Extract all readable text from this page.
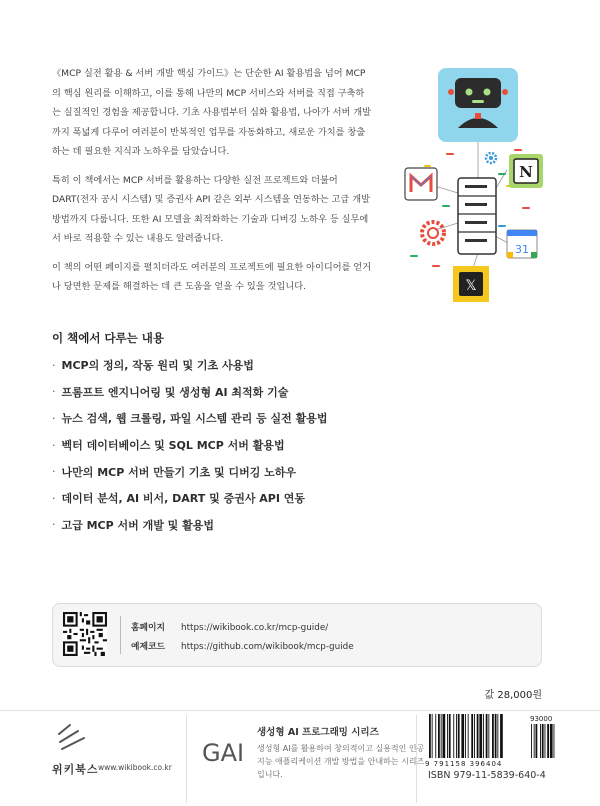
《MCP 실전 활용 & 서버 개발 핵심 가이드》는 단순한 AI 활용법을 넘어 MCP의 핵심 원리를 이해하고, 이를 통해 나만의 MCP 서비스와 서버를 직접 구축하는 실질적인 경험을 제공합니다. 기초 사용법부터 심화 활용법, 나아가 서버 개발까지 폭넓게 다루어 여러분이 반복적인 업무를 자동화하고, 새로운 가치를 창출하는 데 필요한 지식과 노하우를 담았습니다.

특히 이 책에서는 MCP 서버를 활용하는 다양한 실전 프로젝트와 더불어 DART(전자 공시 시스템) 및 증권사 API 같은 외부 시스템을 연동하는 고급 개발 방법까지 다룹니다. 또한 AI 모델을 최적화하는 기술과 디버깅 노하우 등 실무에서 바로 적용할 수 있는 내용도 알려줍니다.

이 책의 어떤 페이지를 펼치더라도 여러분의 프로젝트에 필요한 아이디어를 얻거나 당면한 문제를 해결하는 데 큰 도움을 얻을 수 있을 것입니다.

N
31
𝕏
이 책에서 다루는 내용
· MCP의 정의, 작동 원리 및 기초 사용법
· 프롬프트 엔지니어링 및 생성형 AI 최적화 기술
· 뉴스 검색, 웹 크롤링, 파일 시스템 관리 등 실전 활용법
· 벡터 데이터베이스 및 SQL MCP 서버 활용법
· 나만의 MCP 서버 만들기 기초 및 디버깅 노하우
· 데이터 분석, AI 비서, DART 및 증권사 API 연동
· 고급 MCP 서버 개발 및 활용법
홈페이지 https://wikibook.co.kr/mcp-guide/
예제코드 https://github.com/wikibook/mcp-guide
값 28,000원
위키북스 www.wikibook.co.kr
GAI
생성형 AI 프로그래밍 시리즈
생성형 AI를 활용하여 창의적이고 실용적인 인공지능 애플리케이션 개발 방법을 안내하는 시리즈입니다.
93000
9 791158 396404
ISBN 979-11-5839-640-4
